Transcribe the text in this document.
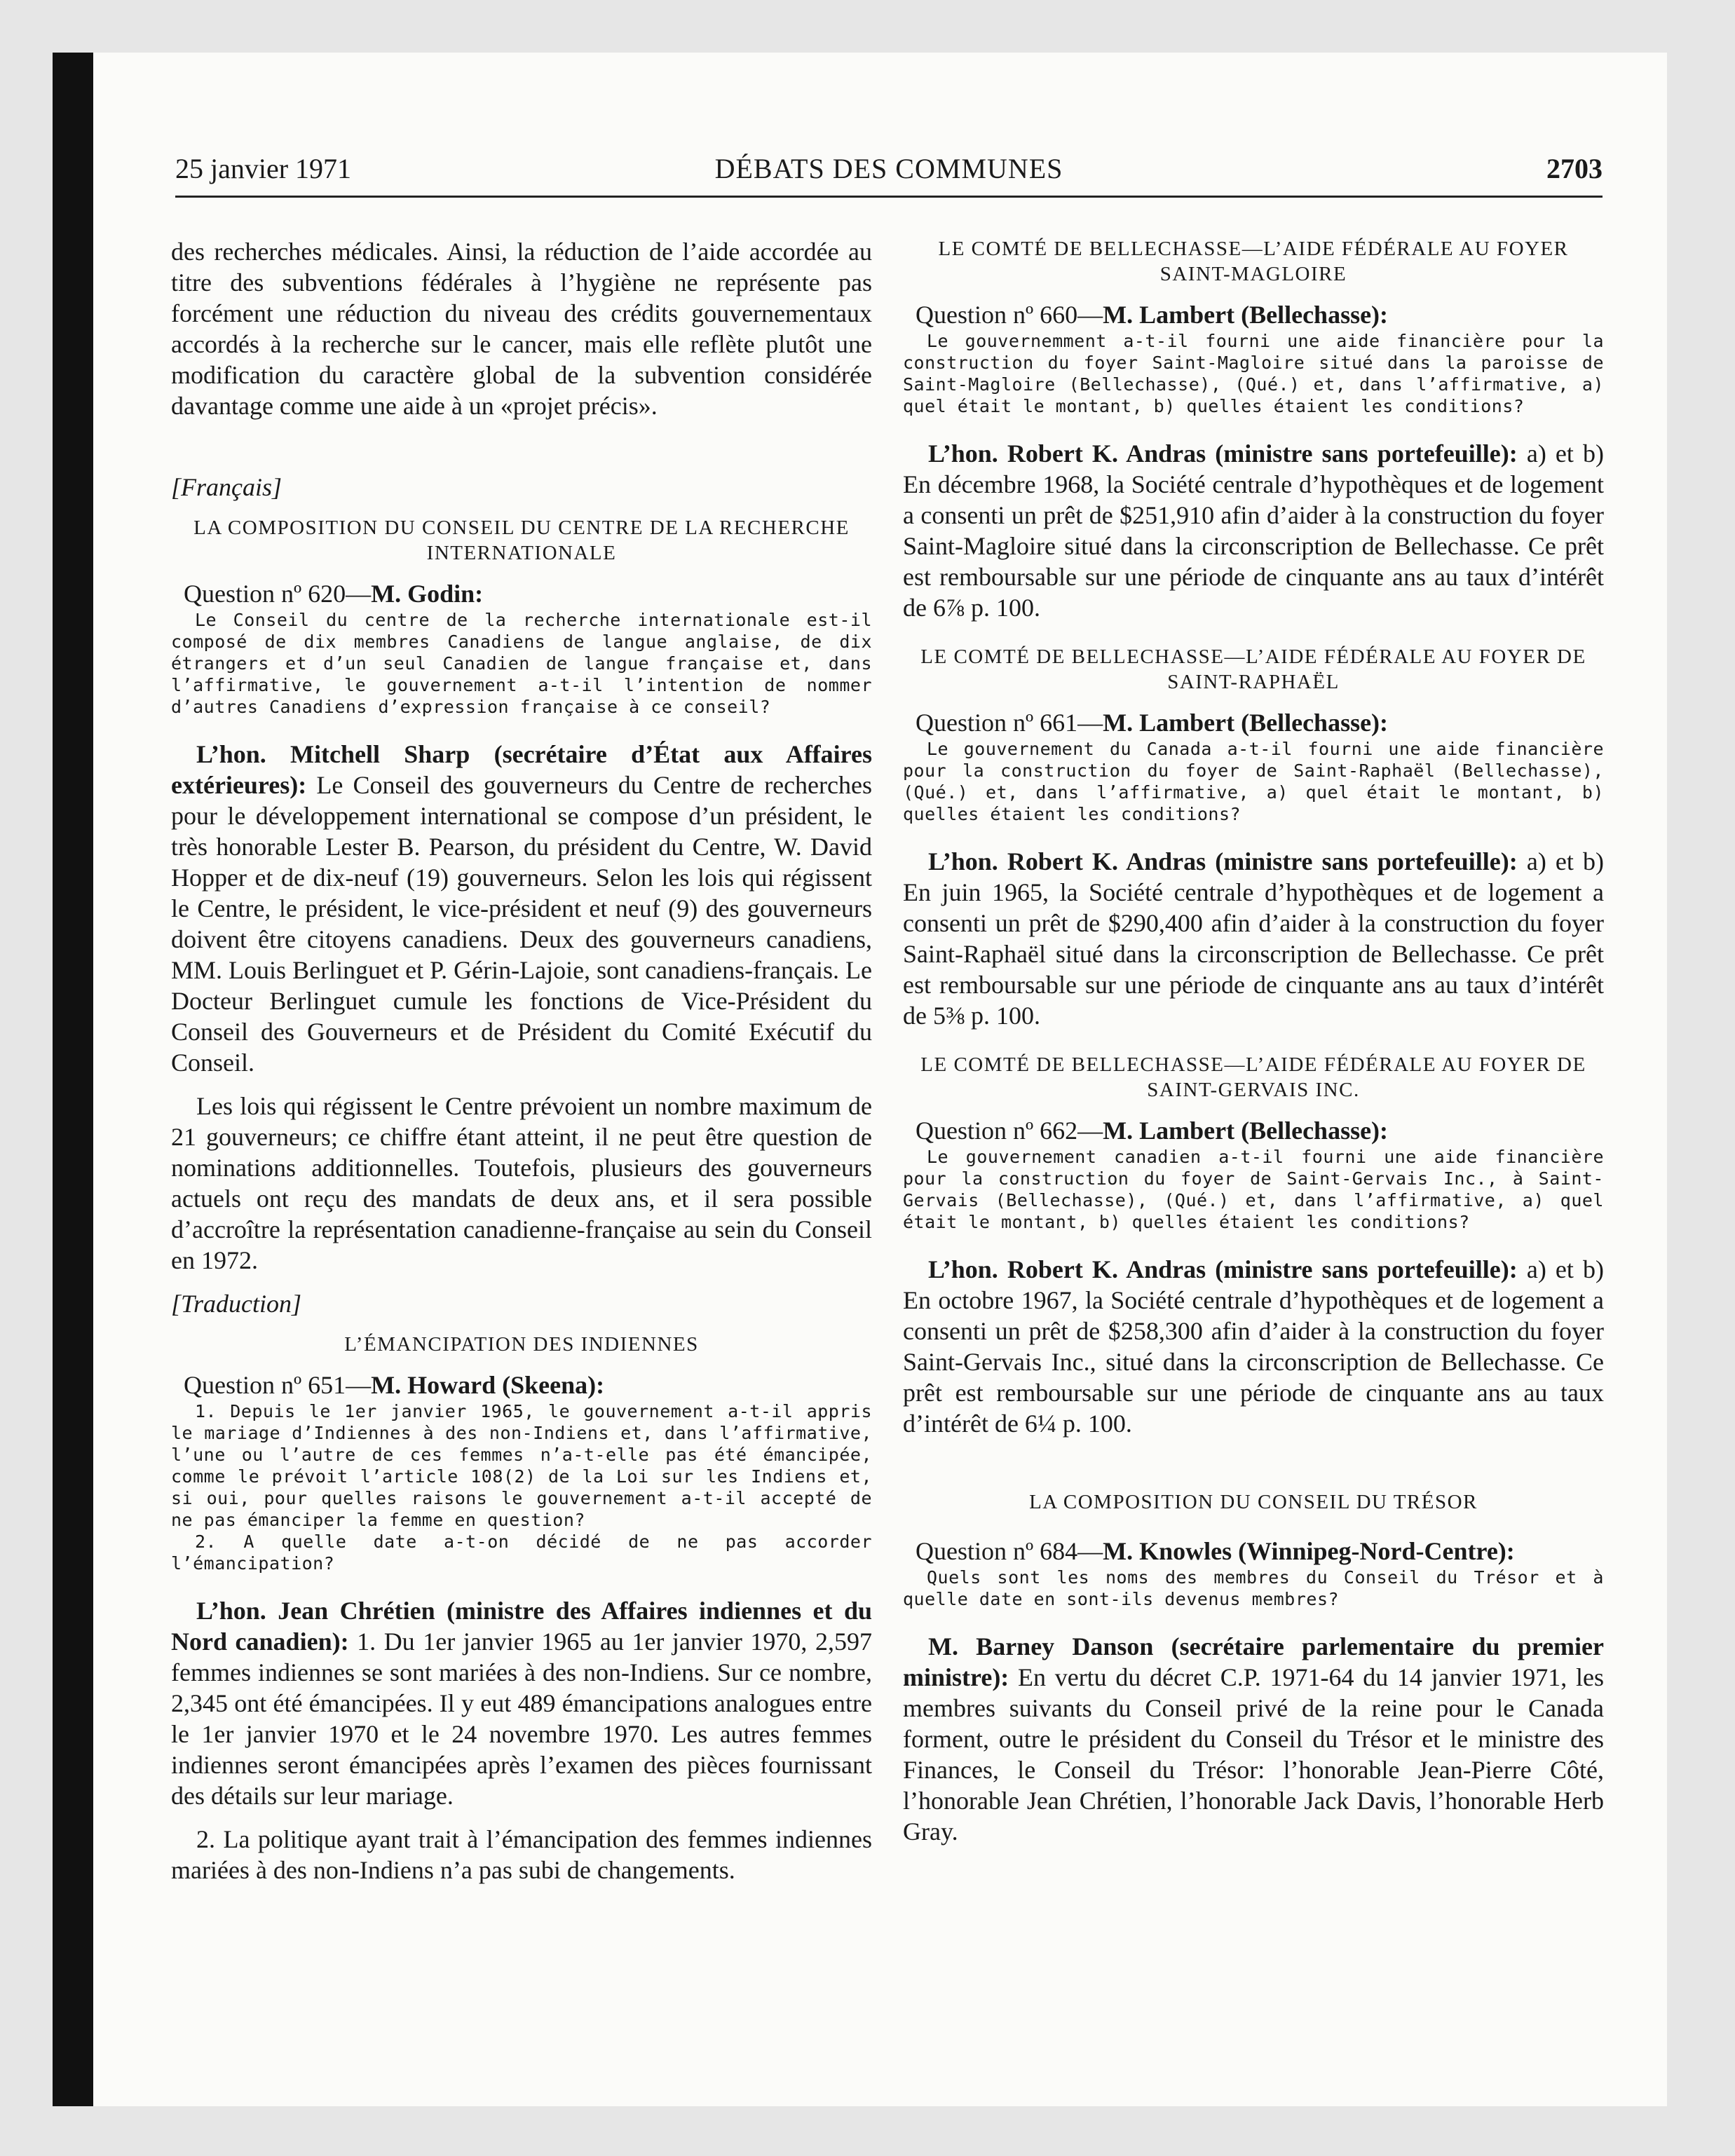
25 janvier 1971	DÉBATS DES COMMUNES	2703

des recherches médicales. Ainsi, la réduction de l’aide accordée au titre des subventions fédérales à l’hygiène ne représente pas forcément une réduction du niveau des crédits gouvernementaux accordés à la recherche sur le cancer, mais elle reflète plutôt une modification du caractère global de la subvention considérée davantage comme une aide à un «projet précis».

[Français]

LA COMPOSITION DU CONSEIL DU CENTRE DE LA RECHERCHE INTERNATIONALE

Question nº 620—M. Godin:

Le Conseil du centre de la recherche internationale est-il composé de dix membres Canadiens de langue anglaise, de dix étrangers et d’un seul Canadien de langue française et, dans l’affirmative, le gouvernement a-t-il l’intention de nommer d’autres Canadiens d’expression française à ce conseil?

L’hon. Mitchell Sharp (secrétaire d’État aux Affaires extérieures): Le Conseil des gouverneurs du Centre de recherches pour le développement international se compose d’un président, le très honorable Lester B. Pearson, du président du Centre, W. David Hopper et de dix-neuf (19) gouverneurs. Selon les lois qui régissent le Centre, le président, le vice-président et neuf (9) des gouverneurs doivent être citoyens canadiens. Deux des gouverneurs canadiens, MM. Louis Berlinguet et P. Gérin-Lajoie, sont canadiens-français. Le Docteur Berlinguet cumule les fonctions de Vice-Président du Conseil des Gouverneurs et de Président du Comité Exécutif du Conseil.

Les lois qui régissent le Centre prévoient un nombre maximum de 21 gouverneurs; ce chiffre étant atteint, il ne peut être question de nominations additionnelles. Toutefois, plusieurs des gouverneurs actuels ont reçu des mandats de deux ans, et il sera possible d’accroître la représentation canadienne-française au sein du Conseil en 1972.

[Traduction]

L’ÉMANCIPATION DES INDIENNES

Question nº 651—M. Howard (Skeena):

1. Depuis le 1er janvier 1965, le gouvernement a-t-il appris le mariage d’Indiennes à des non-Indiens et, dans l’affirmative, l’une ou l’autre de ces femmes n’a-t-elle pas été émancipée, comme le prévoit l’article 108(2) de la Loi sur les Indiens et, si oui, pour quelles raisons le gouvernement a-t-il accepté de ne pas émanciper la femme en question?

2. A quelle date a-t-on décidé de ne pas accorder l’émancipation?

L’hon. Jean Chrétien (ministre des Affaires indiennes et du Nord canadien): 1. Du 1er janvier 1965 au 1er janvier 1970, 2,597 femmes indiennes se sont mariées à des non-Indiens. Sur ce nombre, 2,345 ont été émancipées. Il y eut 489 émancipations analogues entre le 1er janvier 1970 et le 24 novembre 1970. Les autres femmes indiennes seront émancipées après l’examen des pièces fournissant des détails sur leur mariage.

2. La politique ayant trait à l’émancipation des femmes indiennes mariées à des non-Indiens n’a pas subi de changements.

LE COMTÉ DE BELLECHASSE—L’AIDE FÉDÉRALE AU FOYER SAINT-MAGLOIRE

Question nº 660—M. Lambert (Bellechasse):

Le gouvernemment a-t-il fourni une aide financière pour la construction du foyer Saint-Magloire situé dans la paroisse de Saint-Magloire (Bellechasse), (Qué.) et, dans l’affirmative, a) quel était le montant, b) quelles étaient les conditions?

L’hon. Robert K. Andras (ministre sans portefeuille): a) et b) En décembre 1968, la Société centrale d’hypothèques et de logement a consenti un prêt de $251,910 afin d’aider à la construction du foyer Saint-Magloire situé dans la circonscription de Bellechasse. Ce prêt est remboursable sur une période de cinquante ans au taux d’intérêt de 6⅞ p. 100.

LE COMTÉ DE BELLECHASSE—L’AIDE FÉDÉRALE AU FOYER DE SAINT-RAPHAËL

Question nº 661—M. Lambert (Bellechasse):

Le gouvernement du Canada a-t-il fourni une aide financière pour la construction du foyer de Saint-Raphaël (Bellechasse), (Qué.) et, dans l’affirmative, a) quel était le montant, b) quelles étaient les conditions?

L’hon. Robert K. Andras (ministre sans portefeuille): a) et b) En juin 1965, la Société centrale d’hypothèques et de logement a consenti un prêt de $290,400 afin d’aider à la construction du foyer Saint-Raphaël situé dans la circonscription de Bellechasse. Ce prêt est remboursable sur une période de cinquante ans au taux d’intérêt de 5⅜ p. 100.

LE COMTÉ DE BELLECHASSE—L’AIDE FÉDÉRALE AU FOYER DE SAINT-GERVAIS INC.

Question nº 662—M. Lambert (Bellechasse):

Le gouvernement canadien a-t-il fourni une aide financière pour la construction du foyer de Saint-Gervais Inc., à Saint-Gervais (Bellechasse), (Qué.) et, dans l’affirmative, a) quel était le montant, b) quelles étaient les conditions?

L’hon. Robert K. Andras (ministre sans portefeuille): a) et b) En octobre 1967, la Société centrale d’hypothèques et de logement a consenti un prêt de $258,300 afin d’aider à la construction du foyer Saint-Gervais Inc., situé dans la circonscription de Bellechasse. Ce prêt est remboursable sur une période de cinquante ans au taux d’intérêt de 6¼ p. 100.

LA COMPOSITION DU CONSEIL DU TRÉSOR

Question nº 684—M. Knowles (Winnipeg-Nord-Centre):

Quels sont les noms des membres du Conseil du Trésor et à quelle date en sont-ils devenus membres?

M. Barney Danson (secrétaire parlementaire du premier ministre): En vertu du décret C.P. 1971-64 du 14 janvier 1971, les membres suivants du Conseil privé de la reine pour le Canada forment, outre le président du Conseil du Trésor et le ministre des Finances, le Conseil du Trésor: l’honorable Jean-Pierre Côté, l’honorable Jean Chrétien, l’honorable Jack Davis, l’honorable Herb Gray.
